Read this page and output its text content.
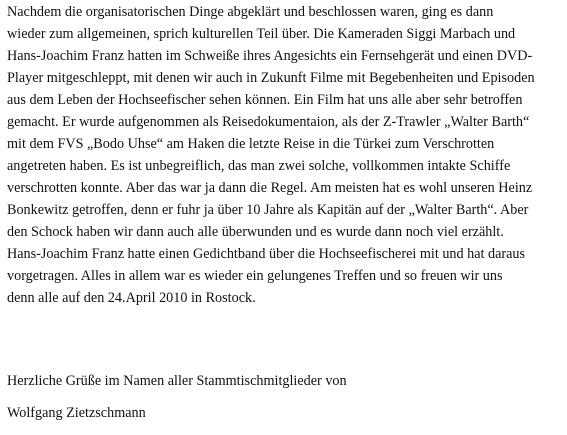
Nachdem die organisatorischen Dinge abgeklärt und beschlossen waren, ging es dann
wieder zum allgemeinen, sprich kulturellen Teil über. Die Kameraden Siggi Marbach und
Hans-Joachim Franz hatten im Schweiße ihres Angesichts ein Fernsehgerät und einen DVD-
Player mitgeschleppt, mit denen wir auch in Zukunft Filme mit Begebenheiten und Episoden
aus dem Leben der Hochseefischer sehen können. Ein Film hat uns alle aber sehr betroffen
gemacht. Er wurde aufgenommen als Reisedokumentaion, als der Z-Trawler „Walter Barth“
mit dem FVS „Bodo Uhse“ am Haken die letzte Reise in die Türkei zum Verschrotten
angetreten haben. Es ist unbegreiflich, das man zwei solche, vollkommen intakte Schiffe
verschrotten konnte. Aber das war ja dann die Regel. Am meisten hat es wohl unseren Heinz
Bonkewitz getroffen, denn er fuhr ja über 10 Jahre als Kapitän auf der „Walter Barth“. Aber
den Schock haben wir dann auch alle überwunden und es wurde dann noch viel erzählt.
Hans-Joachim Franz hatte einen Gedichtband über die Hochseefischerei mit und hat daraus
vorgetragen. Alles in allem war es wieder ein gelungenes Treffen und so freuen wir uns
denn alle auf den 24.April 2010 in Rostock.
Herzliche Grüße im Namen aller Stammtischmitglieder von
Wolfgang Zietzschmann
